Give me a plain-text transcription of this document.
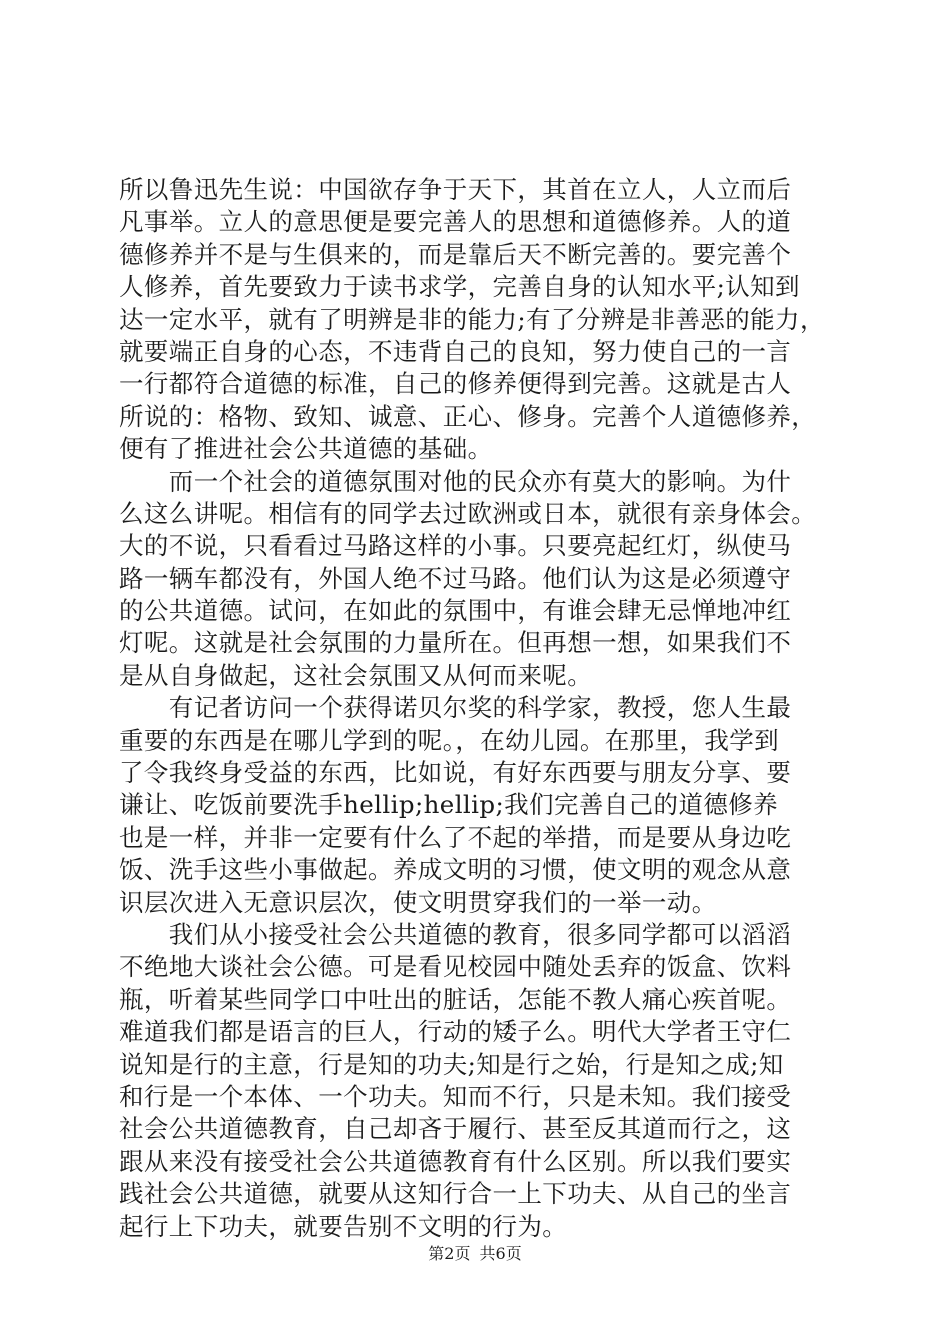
所以鲁迅先生说：中国欲存争于天下，其首在立人，人立而后
凡事举。立人的意思便是要完善人的思想和道德修养。人的道
德修养并不是与生俱来的，而是靠后天不断完善的。要完善个
人修养，首先要致力于读书求学，完善自身的认知水平;认知到
达一定水平，就有了明辨是非的能力;有了分辨是非善恶的能力，
就要端正自身的心态，不违背自己的良知，努力使自己的一言
一行都符合道德的标准，自己的修养便得到完善。这就是古人
所说的：格物、致知、诚意、正心、修身。完善个人道德修养，
便有了推进社会公共道德的基础。
　　而一个社会的道德氛围对他的民众亦有莫大的影响。为什
么这么讲呢。相信有的同学去过欧洲或日本，就很有亲身体会。
大的不说，只看看过马路这样的小事。只要亮起红灯，纵使马
路一辆车都没有，外国人绝不过马路。他们认为这是必须遵守
的公共道德。试问，在如此的氛围中，有谁会肆无忌惮地冲红
灯呢。这就是社会氛围的力量所在。但再想一想，如果我们不
是从自身做起，这社会氛围又从何而来呢。
　　有记者访问一个获得诺贝尔奖的科学家，教授，您人生最
重要的东西是在哪儿学到的呢。，在幼儿园。在那里，我学到
了令我终身受益的东西，比如说，有好东西要与朋友分享、要
谦让、吃饭前要洗手hellip;hellip;我们完善自己的道德修养
也是一样，并非一定要有什么了不起的举措，而是要从身边吃
饭、洗手这些小事做起。养成文明的习惯，使文明的观念从意
识层次进入无意识层次，使文明贯穿我们的一举一动。
　　我们从小接受社会公共道德的教育，很多同学都可以滔滔
不绝地大谈社会公德。可是看见校园中随处丢弃的饭盒、饮料
瓶，听着某些同学口中吐出的脏话，怎能不教人痛心疾首呢。
难道我们都是语言的巨人，行动的矮子么。明代大学者王守仁
说知是行的主意，行是知的功夫;知是行之始，行是知之成;知
和行是一个本体、一个功夫。知而不行，只是未知。我们接受
社会公共道德教育，自己却吝于履行、甚至反其道而行之，这
跟从来没有接受社会公共道德教育有什么区别。所以我们要实
践社会公共道德，就要从这知行合一上下功夫、从自己的坐言
起行上下功夫，就要告别不文明的行为。
第2页 共6页
